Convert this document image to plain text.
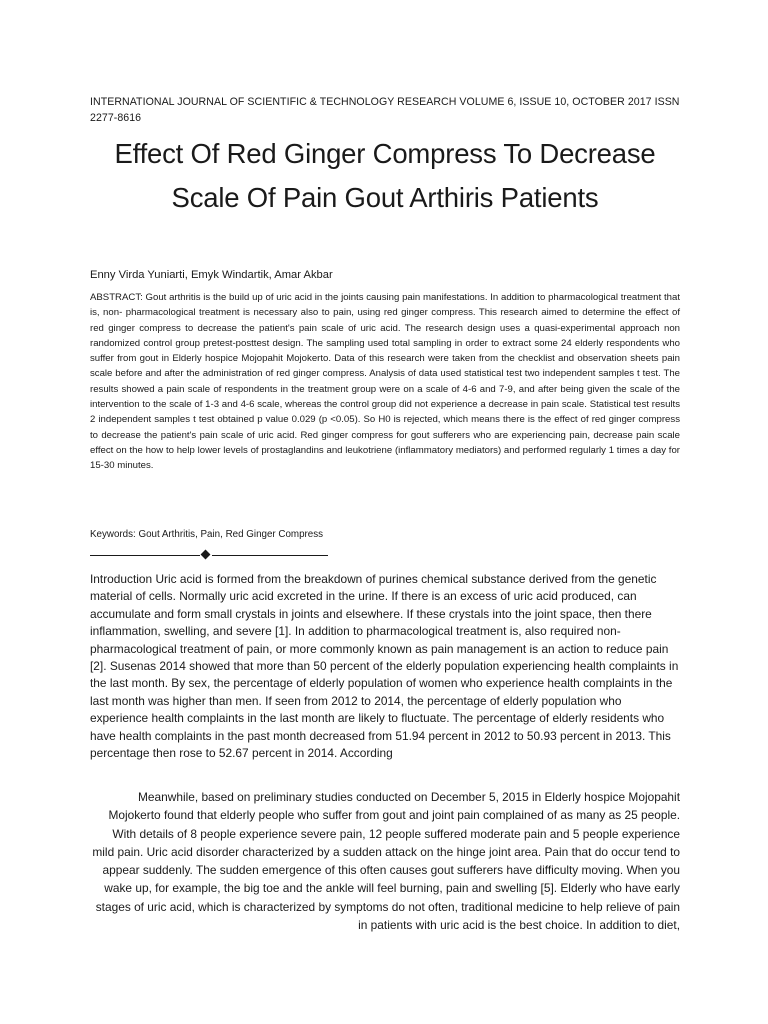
INTERNATIONAL JOURNAL OF SCIENTIFIC & TECHNOLOGY RESEARCH VOLUME 6, ISSUE 10, OCTOBER 2017 ISSN 2277-8616
Effect Of Red Ginger Compress To Decrease Scale Of Pain Gout Arthiris Patients
Enny Virda Yuniarti, Emyk Windartik, Amar Akbar

ABSTRACT: Gout arthritis is the build up of uric acid in the joints causing pain manifestations. In addition to pharmacological treatment that is, non- pharmacological treatment is necessary also to pain, using red ginger compress. This research aimed to determine the effect of red ginger compress to decrease the patient's pain scale of uric acid. The research design uses a quasi-experimental approach non randomized control group pretest-posttest design. The sampling used total sampling in order to extract some 24 elderly respondents who suffer from gout in Elderly hospice Mojopahit Mojokerto. Data of this research were taken from the checklist and observation sheets pain scale before and after the administration of red ginger compress. Analysis of data used statistical test two independent samples t test. The results showed a pain scale of respondents in the treatment group were on a scale of 4-6 and 7-9, and after being given the scale of the intervention to the scale of 1-3 and 4-6 scale, whereas the control group did not experience a decrease in pain scale. Statistical test results 2 independent samples t test obtained p value 0.029 (p <0.05). So H0 is rejected, which means there is the effect of red ginger compress to decrease the patient's pain scale of uric acid. Red ginger compress for gout sufferers who are experiencing pain, decrease pain scale effect on the how to help lower levels of prostaglandins and leukotriene (inflammatory mediators) and performed regularly 1 times a day for 15-30 minutes.

Keywords: Gout Arthritis, Pain, Red Ginger Compress

Introduction Uric acid is formed from the breakdown of purines chemical substance derived from the genetic material of cells. Normally uric acid excreted in the urine. If there is an excess of uric acid produced, can accumulate and form small crystals in joints and elsewhere. If these crystals into the joint space, then there inflammation, swelling, and severe [1]. In addition to pharmacological treatment is, also required non-pharmacological treatment of pain, or more commonly known as pain management is an action to reduce pain [2]. Susenas 2014 showed that more than 50 percent of the elderly population experiencing health complaints in the last month. By sex, the percentage of elderly population of women who experience health complaints in the last month was higher than men. If seen from 2012 to 2014, the percentage of elderly population who experience health complaints in the last month are likely to fluctuate. The percentage of elderly residents who have health complaints in the past month decreased from 51.94 percent in 2012 to 50.93 percent in 2013. This percentage then rose to 52.67 percent in 2014. According

Meanwhile, based on preliminary studies conducted on December 5, 2015 in Elderly hospice Mojopahit Mojokerto found that elderly people who suffer from gout and joint pain complained of as many as 25 people. With details of 8 people experience severe pain, 12 people suffered moderate pain and 5 people experience mild pain. Uric acid disorder characterized by a sudden attack on the hinge joint area. Pain that do occur tend to appear suddenly. The sudden emergence of this often causes gout sufferers have difficulty moving. When you wake up, for example, the big toe and the ankle will feel burning, pain and swelling [5]. Elderly who have early stages of uric acid, which is characterized by symptoms do not often, traditional medicine to help relieve of pain in patients with uric acid is the best choice. In addition to diet,
